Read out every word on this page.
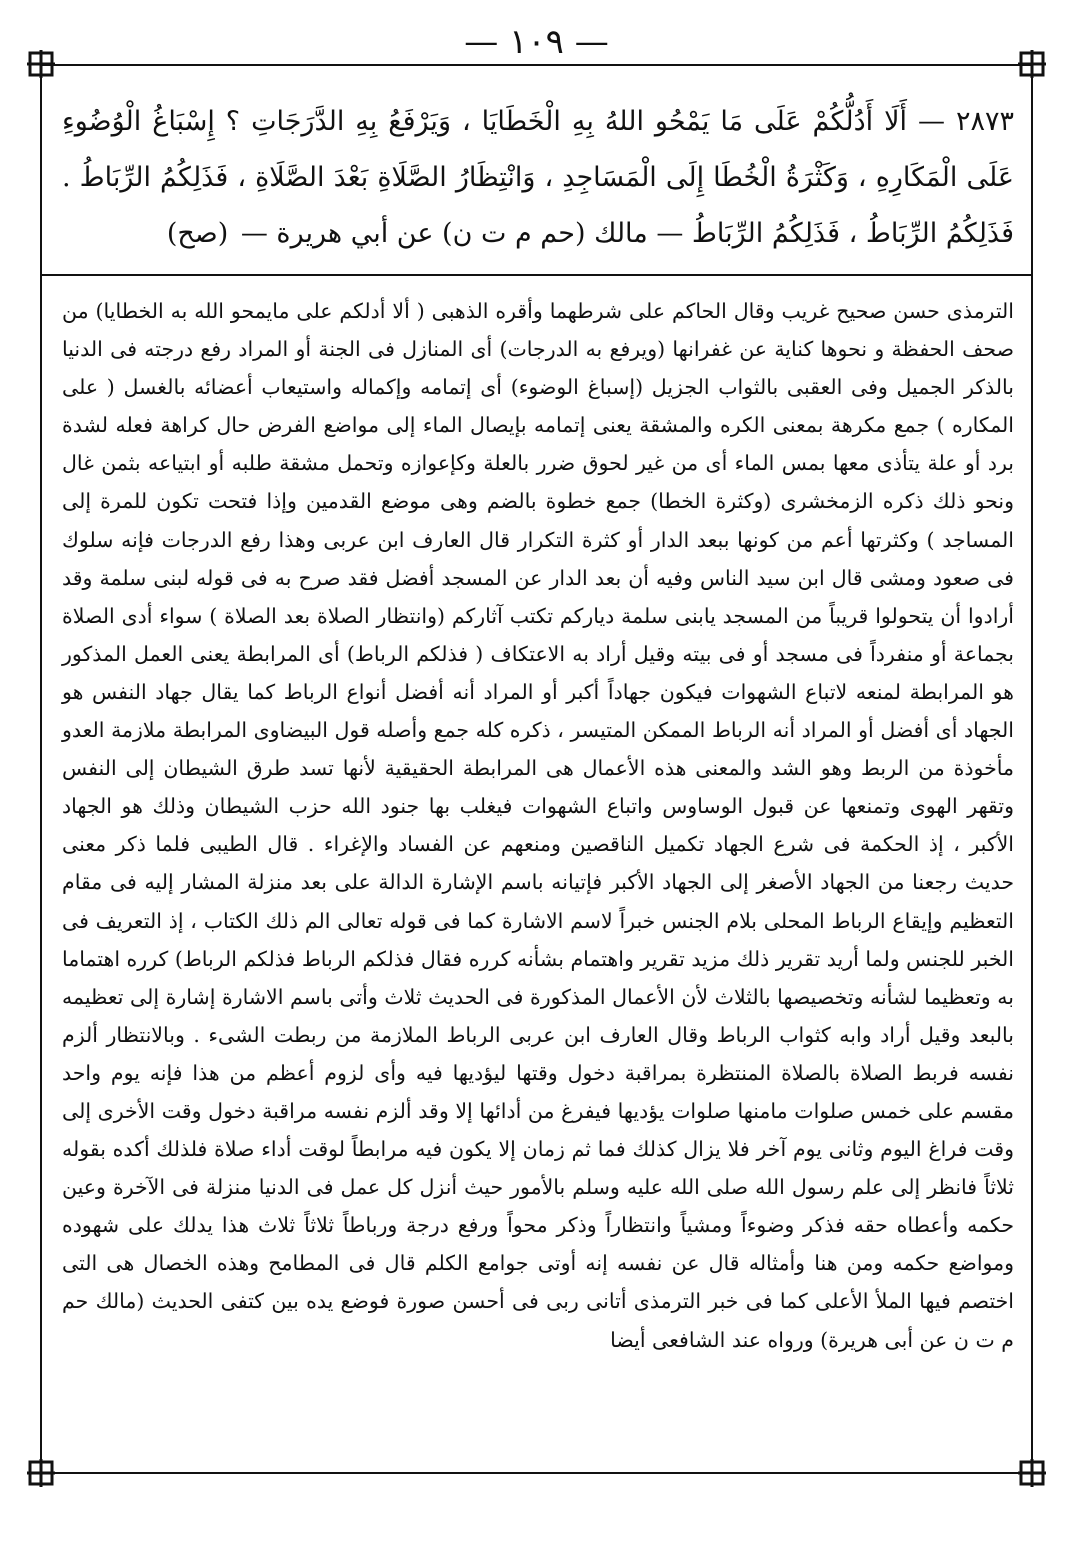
— ١٠٩ —

٢٨٧٣ — أَلَا أَدُلُّكُمْ عَلَى مَا يَمْحُو اللهُ بِهِ الْخَطَايَا ، وَيَرْفَعُ بِهِ الدَّرَجَاتِ ؟ إِسْبَاغُ الْوُضُوءِ عَلَى الْمَكَارِهِ ، وَكَثْرَةُ الْخُطَا إِلَى الْمَسَاجِدِ ، وَانْتِظَارُ الصَّلَاةِ بَعْدَ الصَّلَاةِ ، فَذَلِكُمُ الرِّبَاطُ . فَذَلِكُمُ الرِّبَاطُ ، فَذَلِكُمُ الرِّبَاطُ — مالك (حم م ت ن) عن أبي هريرة — (صح)

الترمذى حسن صحيح غريب وقال الحاكم على شرطهما وأقره الذهبى ( ألا أدلكم على مايمحو الله به الخطايا) من صحف الحفظة و نحوها كناية عن غفرانها (ويرفع به الدرجات) أى المنازل فى الجنة أو المراد رفع درجته فى الدنيا بالذكر الجميل وفى العقبى بالثواب الجزيل (إسباغ الوضوء) أى إتمامه وإكماله واستيعاب أعضائه بالغسل ( على المكاره ) جمع مكرهة بمعنى الكره والمشقة يعنى إتمامه بإيصال الماء إلى مواضع الفرض حال كراهة فعله لشدة برد أو علة يتأذى معها بمس الماء أى من غير لحوق ضرر بالعلة وكإعوازه وتحمل مشقة طلبه أو ابتياعه بثمن غال ونحو ذلك ذكره الزمخشرى (وكثرة الخطا) جمع خطوة بالضم وهى موضع القدمين وإذا فتحت تكون للمرة إلى المساجد ) وكثرتها أعم من كونها ببعد الدار أو كثرة التكرار قال العارف ابن عربى وهذا رفع الدرجات فإنه سلوك فى صعود ومشى قال ابن سيد الناس وفيه أن بعد الدار عن المسجد أفضل فقد صرح به فى قوله لبنى سلمة وقد أرادوا أن يتحولوا قريباً من المسجد يابنى سلمة دياركم تكتب آثاركم (وانتظار الصلاة بعد الصلاة ) سواء أدى الصلاة بجماعة أو منفرداً فى مسجد أو فى بيته وقيل أراد به الاعتكاف ( فذلكم الرباط) أى المرابطة يعنى العمل المذكور هو المرابطة لمنعه لاتباع الشهوات فيكون جهاداً أكبر أو المراد أنه أفضل أنواع الرباط كما يقال جهاد النفس هو الجهاد أى أفضل أو المراد أنه الرباط الممكن المتيسر ، ذكره كله جمع وأصله قول البيضاوى المرابطة ملازمة العدو مأخوذة من الربط وهو الشد والمعنى هذه الأعمال هى المرابطة الحقيقية لأنها تسد طرق الشيطان إلى النفس وتقهر الهوى وتمنعها عن قبول الوساوس واتباع الشهوات فيغلب بها جنود الله حزب الشيطان وذلك هو الجهاد الأكبر ، إذ الحكمة فى شرع الجهاد تكميل الناقصين ومنعهم عن الفساد والإغراء . قال الطيبى فلما ذكر معنى حديث رجعنا من الجهاد الأصغر إلى الجهاد الأكبر فإتيانه باسم الإشارة الدالة على بعد منزلة المشار إليه فى مقام التعظيم وإيقاع الرباط المحلى بلام الجنس خبراً لاسم الاشارة كما فى قوله تعالى الم ذلك الكتاب ، إذ التعريف فى الخبر للجنس ولما أريد تقرير ذلك مزيد تقرير واهتمام بشأنه كرره فقال فذلكم الرباط فذلكم الرباط) كرره اهتماما به وتعظيما لشأنه وتخصيصها بالثلاث لأن الأعمال المذكورة فى الحديث ثلاث وأتى باسم الاشارة إشارة إلى تعظيمه بالبعد وقيل أراد وابه كثواب الرباط وقال العارف ابن عربى الرباط الملازمة من ربطت الشىء . وبالانتظار ألزم نفسه فربط الصلاة بالصلاة المنتظرة بمراقبة دخول وقتها ليؤديها فيه وأى لزوم أعظم من هذا فإنه يوم واحد مقسم على خمس صلوات مامنها صلوات يؤديها فيفرغ من أدائها إلا وقد ألزم نفسه مراقبة دخول وقت الأخرى إلى وقت فراغ اليوم وثانى يوم آخر فلا يزال كذلك فما ثم زمان إلا يكون فيه مرابطاً لوقت أداء صلاة فلذلك أكده بقوله ثلاثاً فانظر إلى علم رسول الله صلى الله عليه وسلم بالأمور حيث أنزل كل عمل فى الدنيا منزلة فى الآخرة وعين حكمه وأعطاه حقه فذكر وضوءاً ومشياً وانتظاراً وذكر محواً ورفع درجة ورباطاً ثلاثاً ثلاث هذا يدلك على شهوده ومواضع حكمه ومن هنا وأمثاله قال عن نفسه إنه أوتى جوامع الكلم قال فى المطامح وهذه الخصال هى التى اختصم فيها الملأ الأعلى كما فى خبر الترمذى أتانى ربى فى أحسن صورة فوضع يده بين كتفى الحديث (مالك حم م ت ن عن أبى هريرة) ورواه عند الشافعى أيضا
